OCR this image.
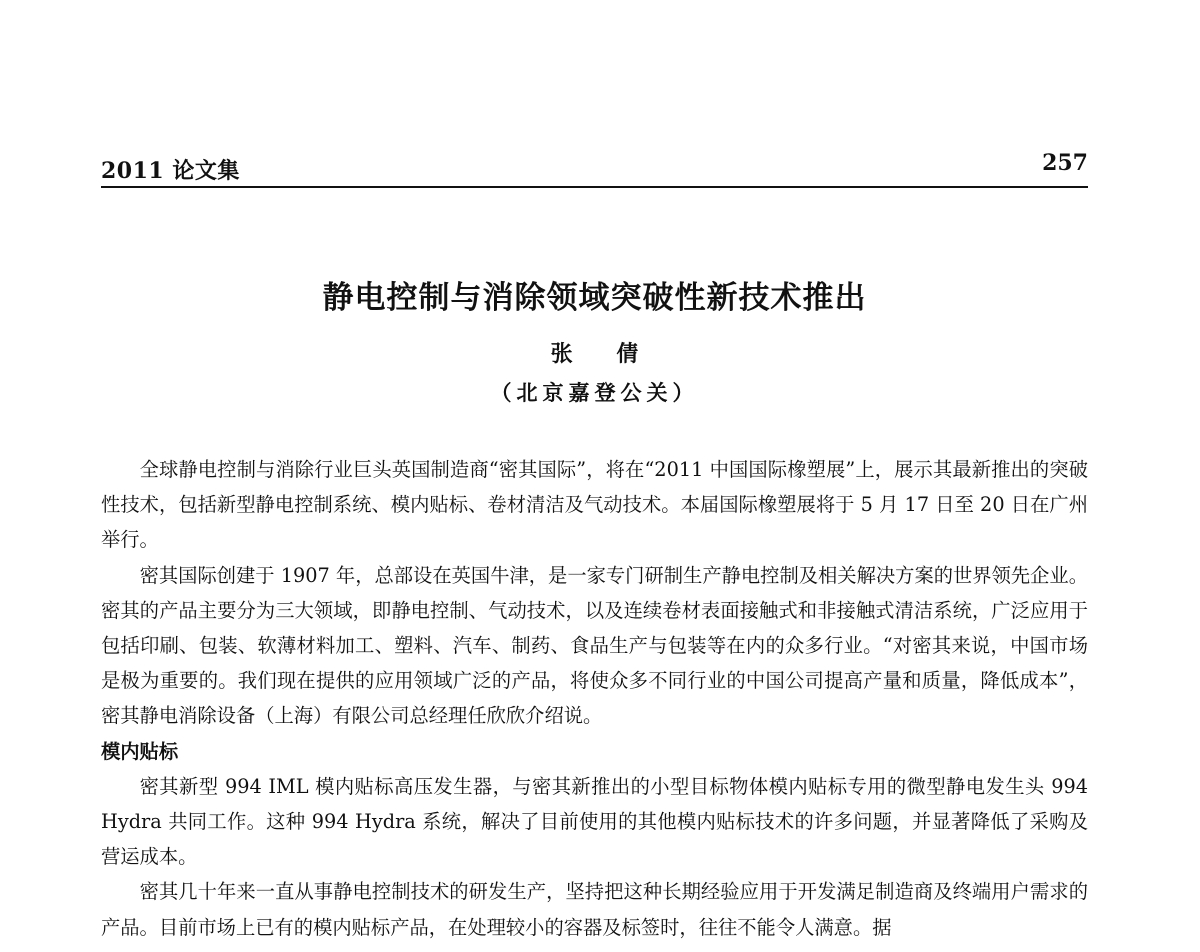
2011 论文集	257
静电控制与消除领域突破性新技术推出
张 倩
（北京嘉登公关）

全球静电控制与消除行业巨头英国制造商“密其国际”，将在“2011 中国国际橡塑展”上，展示其最新推出的突破性技术，包括新型静电控制系统、模内贴标、卷材清洁及气动技术。本届国际橡塑展将于 5 月 17 日至 20 日在广州举行。

密其国际创建于 1907 年，总部设在英国牛津，是一家专门研制生产静电控制及相关解决方案的世界领先企业。密其的产品主要分为三大领域，即静电控制、气动技术，以及连续卷材表面接触式和非接触式清洁系统，广泛应用于包括印刷、包装、软薄材料加工、塑料、汽车、制药、食品生产与包装等在内的众多行业。“对密其来说，中国市场是极为重要的。我们现在提供的应用领域广泛的产品，将使众多不同行业的中国公司提高产量和质量，降低成本”，密其静电消除设备（上海）有限公司总经理任欣欣介绍说。

模内贴标

密其新型 994 IML 模内贴标高压发生器，与密其新推出的小型目标物体模内贴标专用的微型静电发生头 994 Hydra 共同工作。这种 994 Hydra 系统，解决了目前使用的其他模内贴标技术的许多问题，并显著降低了采购及营运成本。

密其几十年来一直从事静电控制技术的研发生产，坚持把这种长期经验应用于开发满足制造商及终端用户需求的产品。目前市场上已有的模内贴标产品，在处理较小的容器及标签时，往往不能令人满意。据
